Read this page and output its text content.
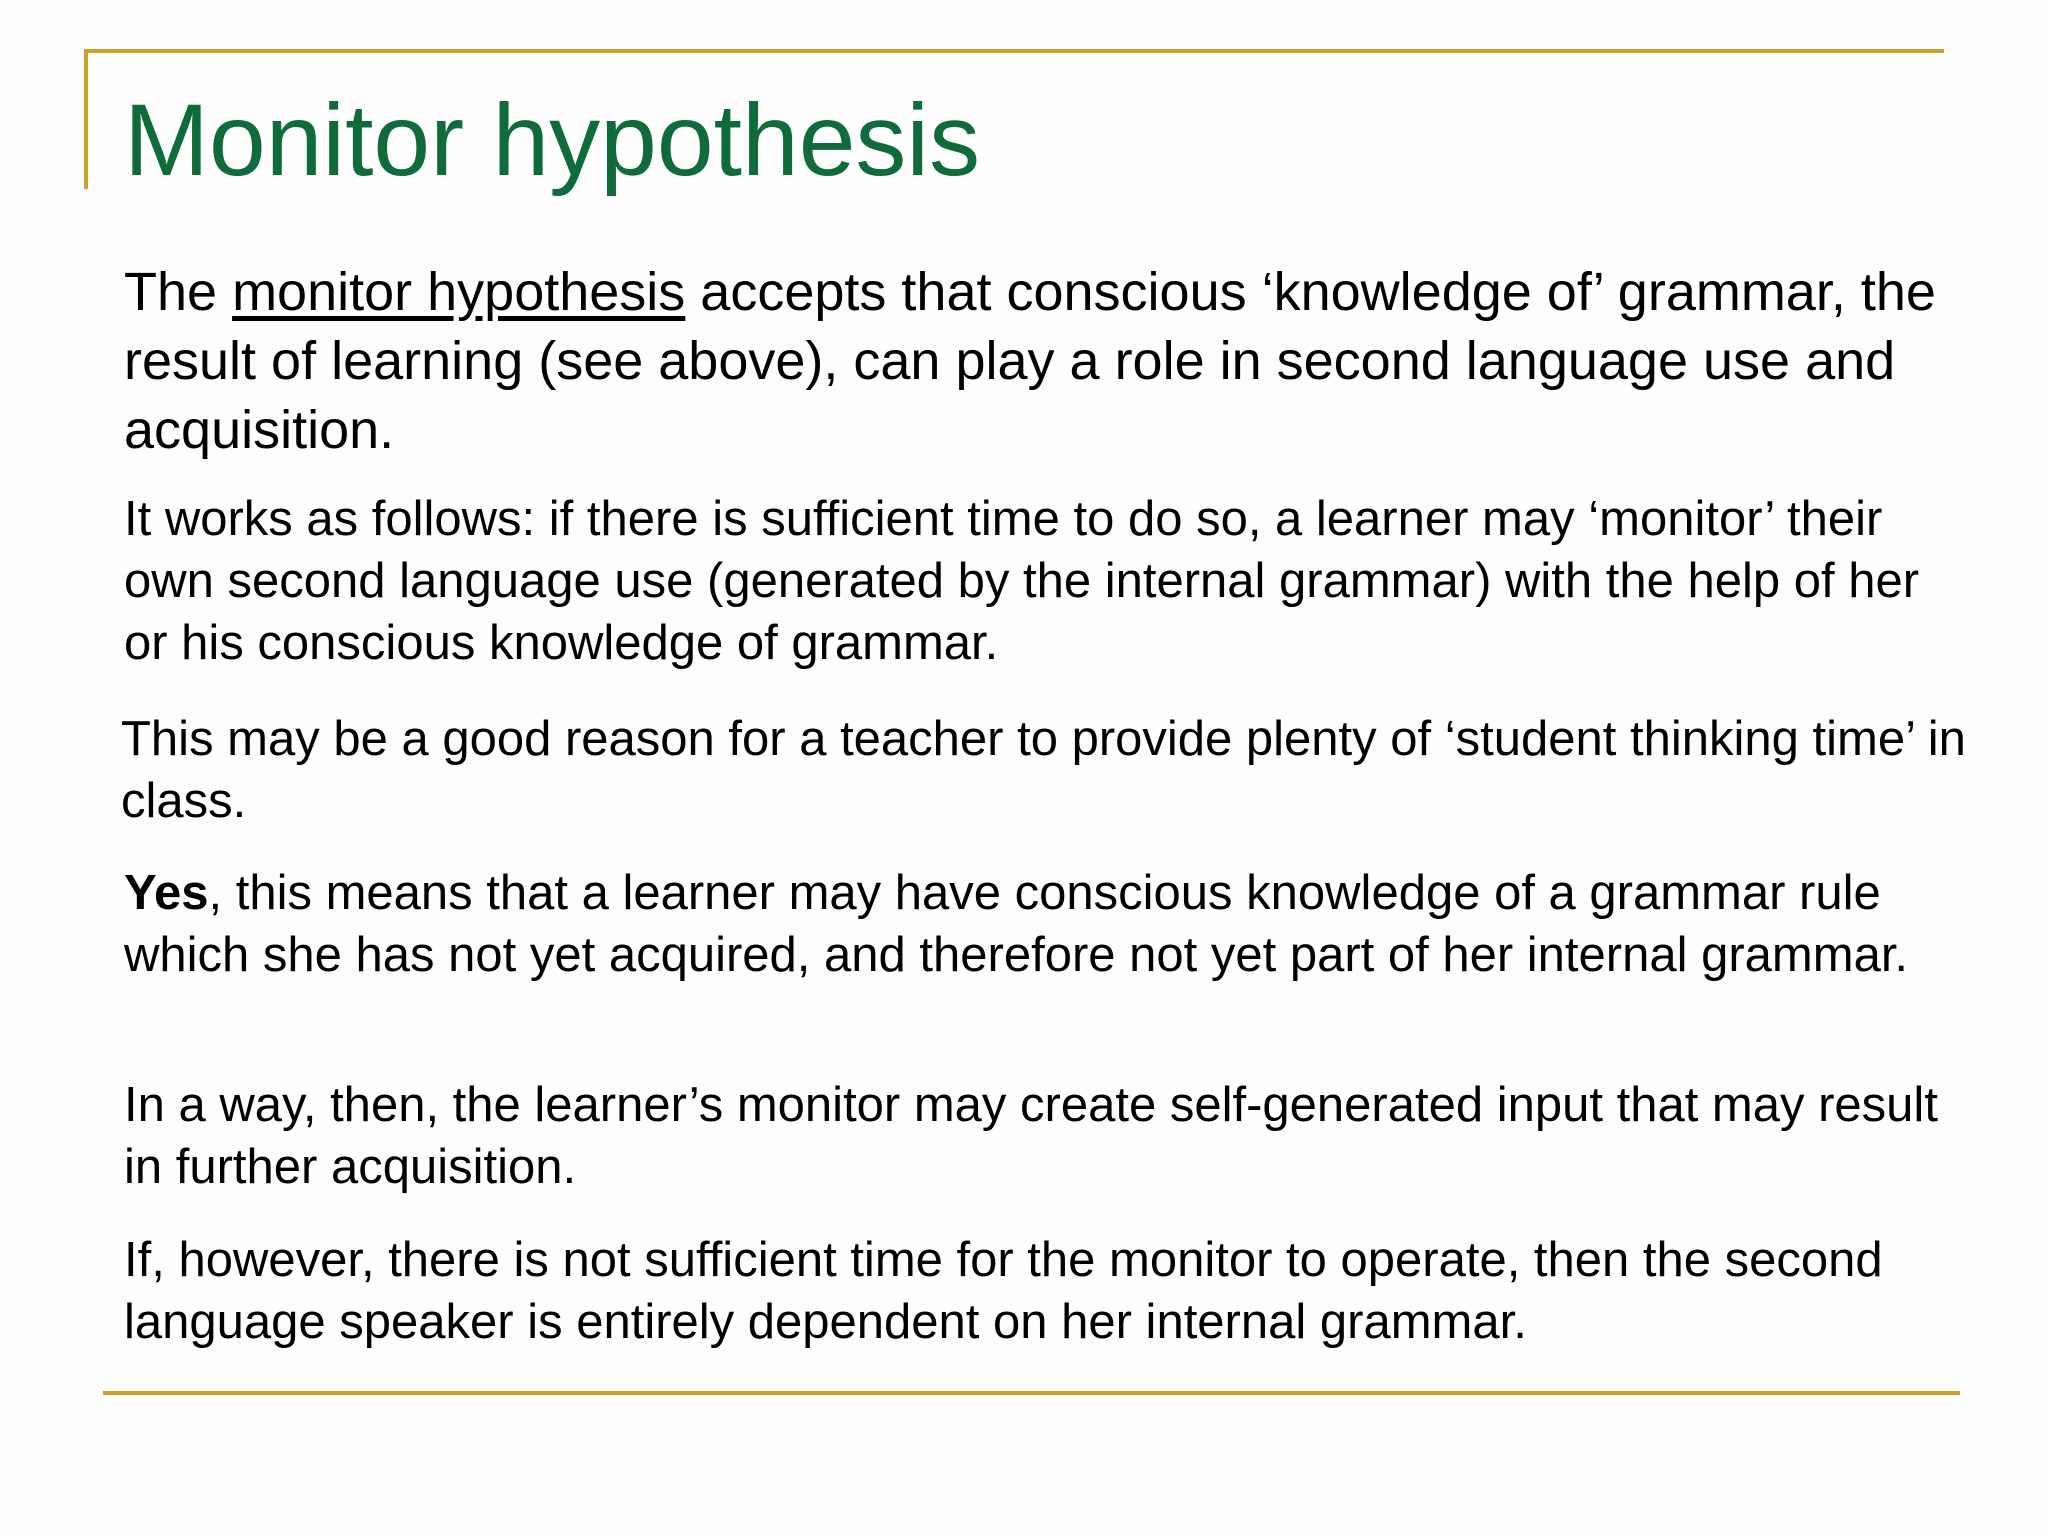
Monitor hypothesis

The monitor hypothesis accepts that conscious ‘knowledge of’ grammar, the result of learning (see above), can play a role in second language use and acquisition.

It works as follows: if there is sufficient time to do so, a learner may ‘monitor’ their own second language use (generated by the internal grammar) with the help of her or his conscious knowledge of grammar.

This may be a good reason for a teacher to provide plenty of ‘student thinking time’ in class.

Yes, this means that a learner may have conscious knowledge of a grammar rule which she has not yet acquired, and therefore not yet part of her internal grammar.

In a way, then, the learner’s monitor may create self-generated input that may result in further acquisition.

If, however, there is not sufficient time for the monitor to operate, then the second language speaker is entirely dependent on her internal grammar.
